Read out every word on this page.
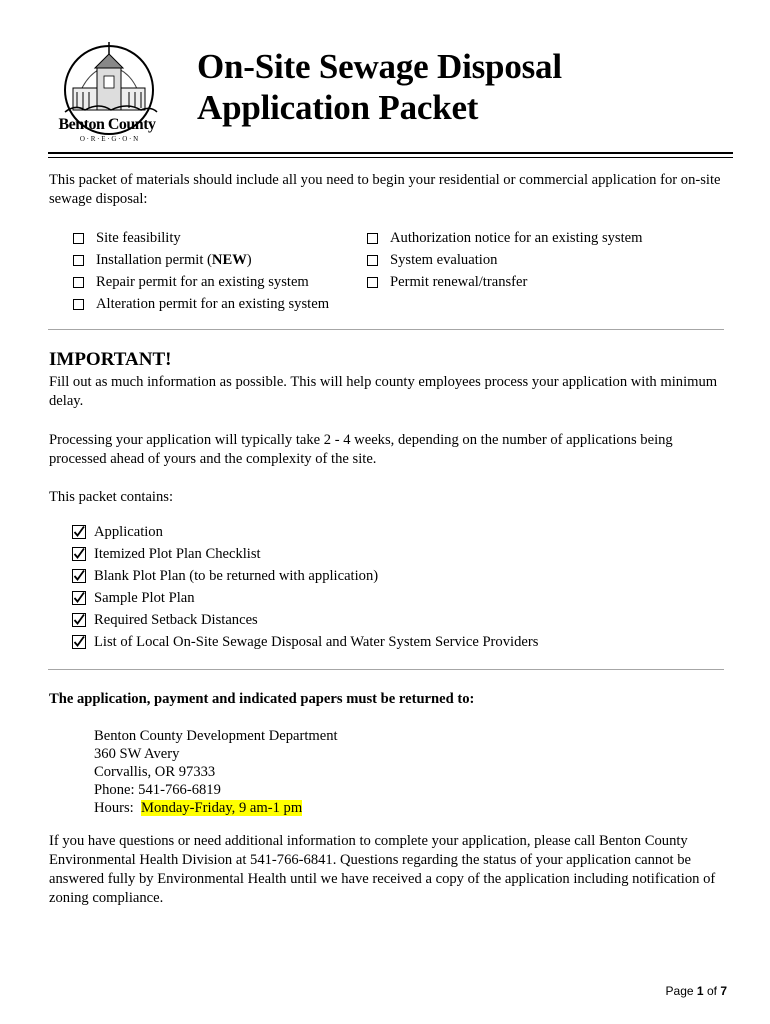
Benton County
O · R · E · G · O · N
On-Site Sewage Disposal
Application Packet

This packet of materials should include all you need to begin your residential or commercial application for on-site sewage disposal:

Site feasibility
Installation permit (NEW)
Repair permit for an existing system
Alteration permit for an existing system
Authorization notice for an existing system
System evaluation
Permit renewal/transfer
IMPORTANT!

Fill out as much information as possible. This will help county employees process your application with minimum delay.

Processing your application will typically take 2 - 4 weeks, depending on the number of applications being processed ahead of yours and the complexity of the site.

This packet contains:

Application
Itemized Plot Plan Checklist
Blank Plot Plan (to be returned with application)
Sample Plot Plan
Required Setback Distances
List of Local On-Site Sewage Disposal and Water System Service Providers

The application, payment and indicated papers must be returned to:

Benton County Development Department
360 SW Avery
Corvallis, OR 97333
Phone: 541-766-6819
Hours: Monday-Friday, 9 am-1 pm

If you have questions or need additional information to complete your application, please call Benton County Environmental Health Division at 541-766-6841. Questions regarding the status of your application cannot be answered fully by Environmental Health until we have received a copy of the application including notification of zoning compliance.

Page 1 of 7
